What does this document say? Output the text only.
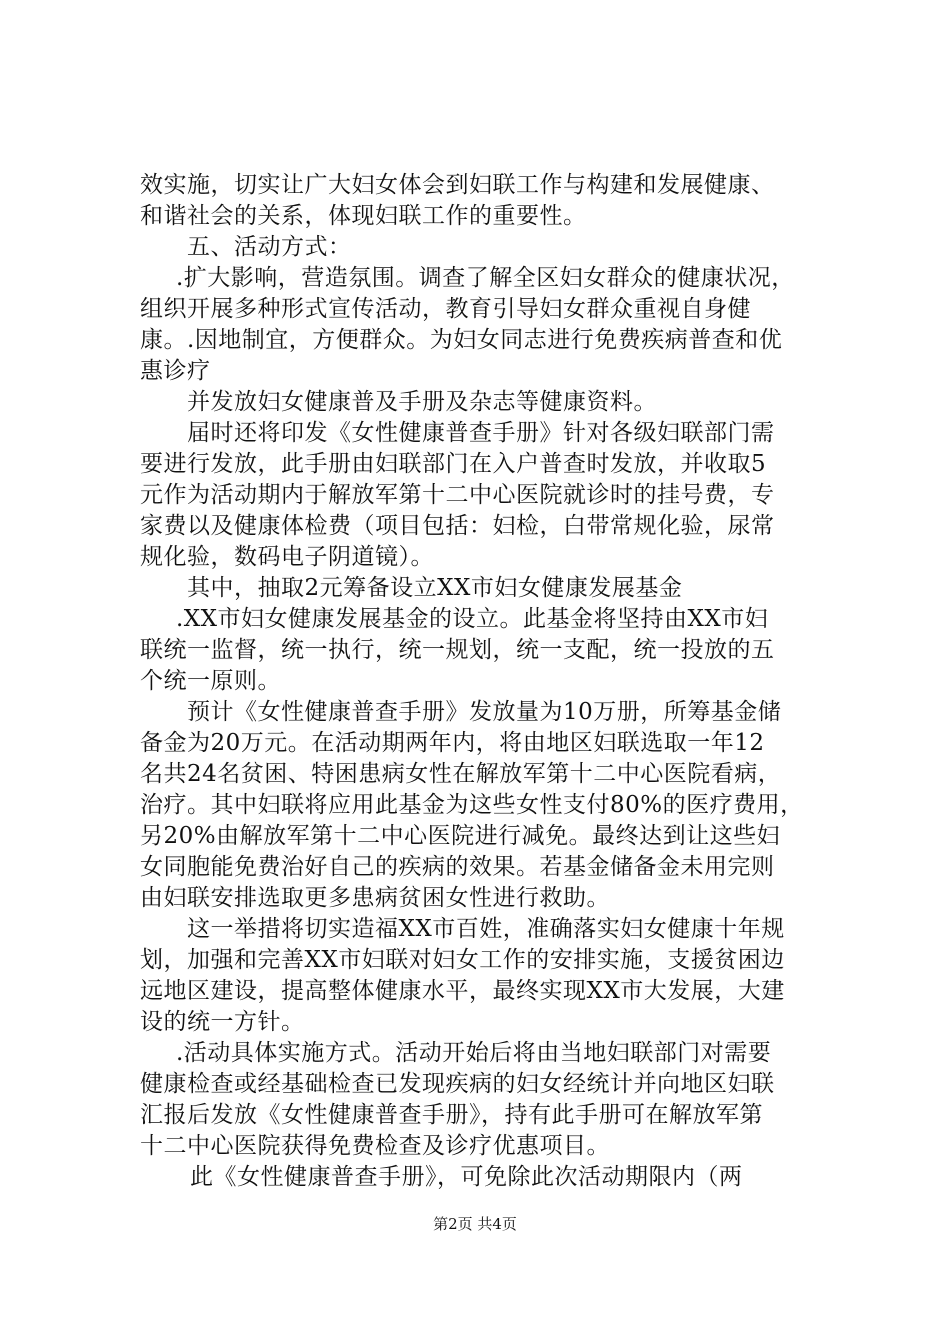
效实施，切实让广大妇女体会到妇联工作与构建和发展健康、
和谐社会的关系，体现妇联工作的重要性。
五、活动方式：
.扩大影响，营造氛围。调查了解全区妇女群众的健康状况，
组织开展多种形式宣传活动，教育引导妇女群众重视自身健
康。.因地制宜，方便群众。为妇女同志进行免费疾病普查和优
惠诊疗
并发放妇女健康普及手册及杂志等健康资料。
届时还将印发《女性健康普查手册》针对各级妇联部门需
要进行发放，此手册由妇联部门在入户普查时发放，并收取5
元作为活动期内于解放军第十二中心医院就诊时的挂号费，专
家费以及健康体检费（项目包括：妇检，白带常规化验，尿常
规化验，数码电子阴道镜）。
其中，抽取2元筹备设立XX市妇女健康发展基金
.XX市妇女健康发展基金的设立。此基金将坚持由XX市妇
联统一监督，统一执行，统一规划，统一支配，统一投放的五
个统一原则。
预计《女性健康普查手册》发放量为10万册，所筹基金储
备金为20万元。在活动期两年内，将由地区妇联选取一年12
名共24名贫困、特困患病女性在解放军第十二中心医院看病，
治疗。其中妇联将应用此基金为这些女性支付80%的医疗费用，
另20%由解放军第十二中心医院进行减免。最终达到让这些妇
女同胞能免费治好自己的疾病的效果。若基金储备金未用完则
由妇联安排选取更多患病贫困女性进行救助。
这一举措将切实造福XX市百姓，准确落实妇女健康十年规
划，加强和完善XX市妇联对妇女工作的安排实施，支援贫困边
远地区建设，提高整体健康水平，最终实现XX市大发展，大建
设的统一方针。
.活动具体实施方式。活动开始后将由当地妇联部门对需要
健康检查或经基础检查已发现疾病的妇女经统计并向地区妇联
汇报后发放《女性健康普查手册》，持有此手册可在解放军第
十二中心医院获得免费检查及诊疗优惠项目。
此《女性健康普查手册》，可免除此次活动期限内（两
第2页 共4页
